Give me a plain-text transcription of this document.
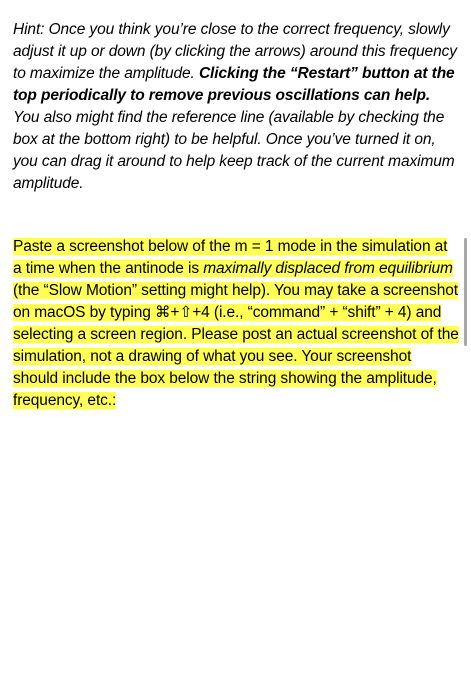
Hint: Once you think you’re close to the correct frequency, slowly adjust it up or down (by clicking the arrows) around this frequency to maximize the amplitude. Clicking the “Restart” button at the top periodically to remove previous oscillations can help. You also might find the reference line (available by checking the box at the bottom right) to be helpful. Once you’ve turned it on, you can drag it around to help keep track of the current maximum amplitude.
Paste a screenshot below of the m = 1 mode in the simulation at a time when the antinode is maximally displaced from equilibrium (the “Slow Motion” setting might help). You may take a screenshot on macOS by typing ⌘+⇧+4 (i.e., “command” + “shift” + 4) and selecting a screen region. Please post an actual screenshot of the simulation, not a drawing of what you see. Your screenshot should include the box below the string showing the amplitude, frequency, etc.:
